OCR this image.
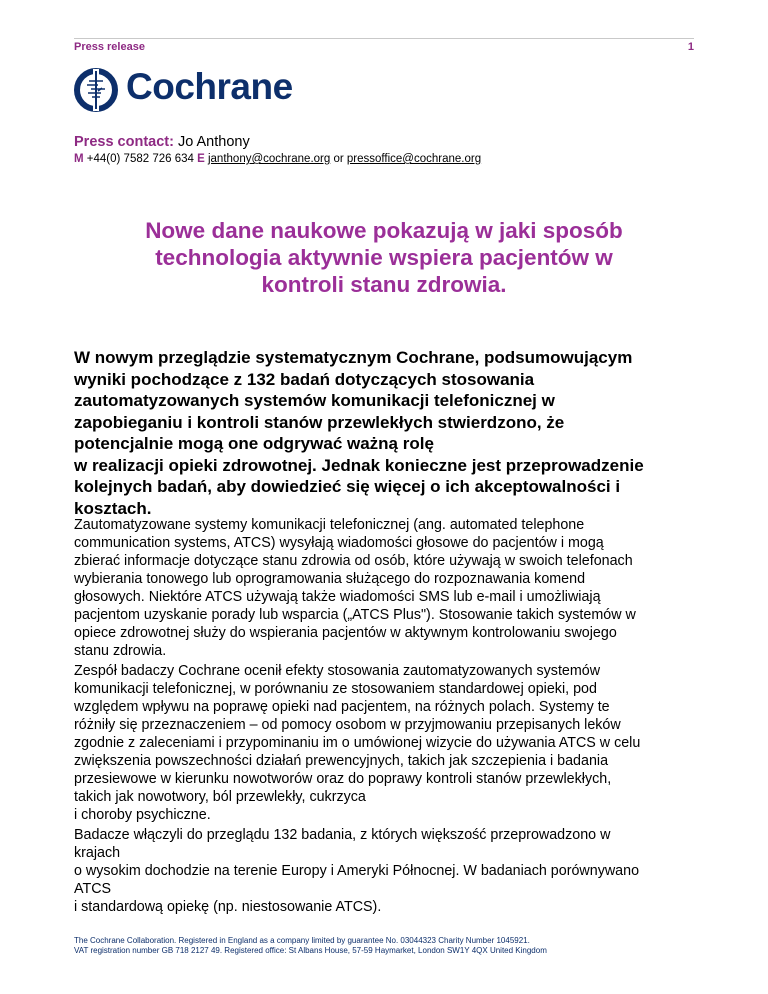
Press release	1
Cochrane
Press contact: Jo Anthony
M +44(0) 7582 726 634 E janthony@cochrane.org or pressoffice@cochrane.org
Nowe dane naukowe pokazują w jaki sposób
technologia aktywnie wspiera pacjentów w
kontroli stanu zdrowia.
W nowym przeglądzie systematycznym Cochrane, podsumowującym
wyniki pochodzące z 132 badań dotyczących stosowania
zautomatyzowanych systemów komunikacji telefonicznej w
zapobieganiu i kontroli stanów przewlekłych stwierdzono, że
potencjalnie mogą one odgrywać ważną rolę
w realizacji opieki zdrowotnej. Jednak konieczne jest przeprowadzenie
kolejnych badań, aby dowiedzieć się więcej o ich akceptowalności i
kosztach.
Zautomatyzowane systemy komunikacji telefonicznej (ang. automated telephone
communication systems, ATCS) wysyłają wiadomości głosowe do pacjentów i mogą
zbierać informacje dotyczące stanu zdrowia od osób, które używają w swoich telefonach
wybierania tonowego lub oprogramowania służącego do rozpoznawania komend
głosowych. Niektóre ATCS używają także wiadomości SMS lub e-mail i umożliwiają
pacjentom uzyskanie porady lub wsparcia („ATCS Plus"). Stosowanie takich systemów w
opiece zdrowotnej służy do wspierania pacjentów w aktywnym kontrolowaniu swojego
stanu zdrowia.
Zespół badaczy Cochrane ocenił efekty stosowania zautomatyzowanych systemów
komunikacji telefonicznej, w porównaniu ze stosowaniem standardowej opieki, pod
względem wpływu na poprawę opieki nad pacjentem, na różnych polach. Systemy te
różniły się przeznaczeniem – od pomocy osobom w przyjmowaniu przepisanych leków
zgodnie z zaleceniami i przypominaniu im o umówionej wizycie do używania ATCS w celu
zwiększenia powszechności działań prewencyjnych, takich jak szczepienia i badania
przesiewowe w kierunku nowotworów oraz do poprawy kontroli stanów przewlekłych,
takich jak nowotwory, ból przewlekły, cukrzyca
i choroby psychiczne.
Badacze włączyli do przeglądu 132 badania, z których większość przeprowadzono w
krajach
o wysokim dochodzie na terenie Europy i Ameryki Północnej. W badaniach porównywano
ATCS
i standardową opiekę (np. niestosowanie ATCS).
The Cochrane Collaboration. Registered in England as a company limited by guarantee No. 03044323 Charity Number 1045921.
VAT registration number GB 718 2127 49. Registered office: St Albans House, 57-59 Haymarket, London SW1Y 4QX United Kingdom
